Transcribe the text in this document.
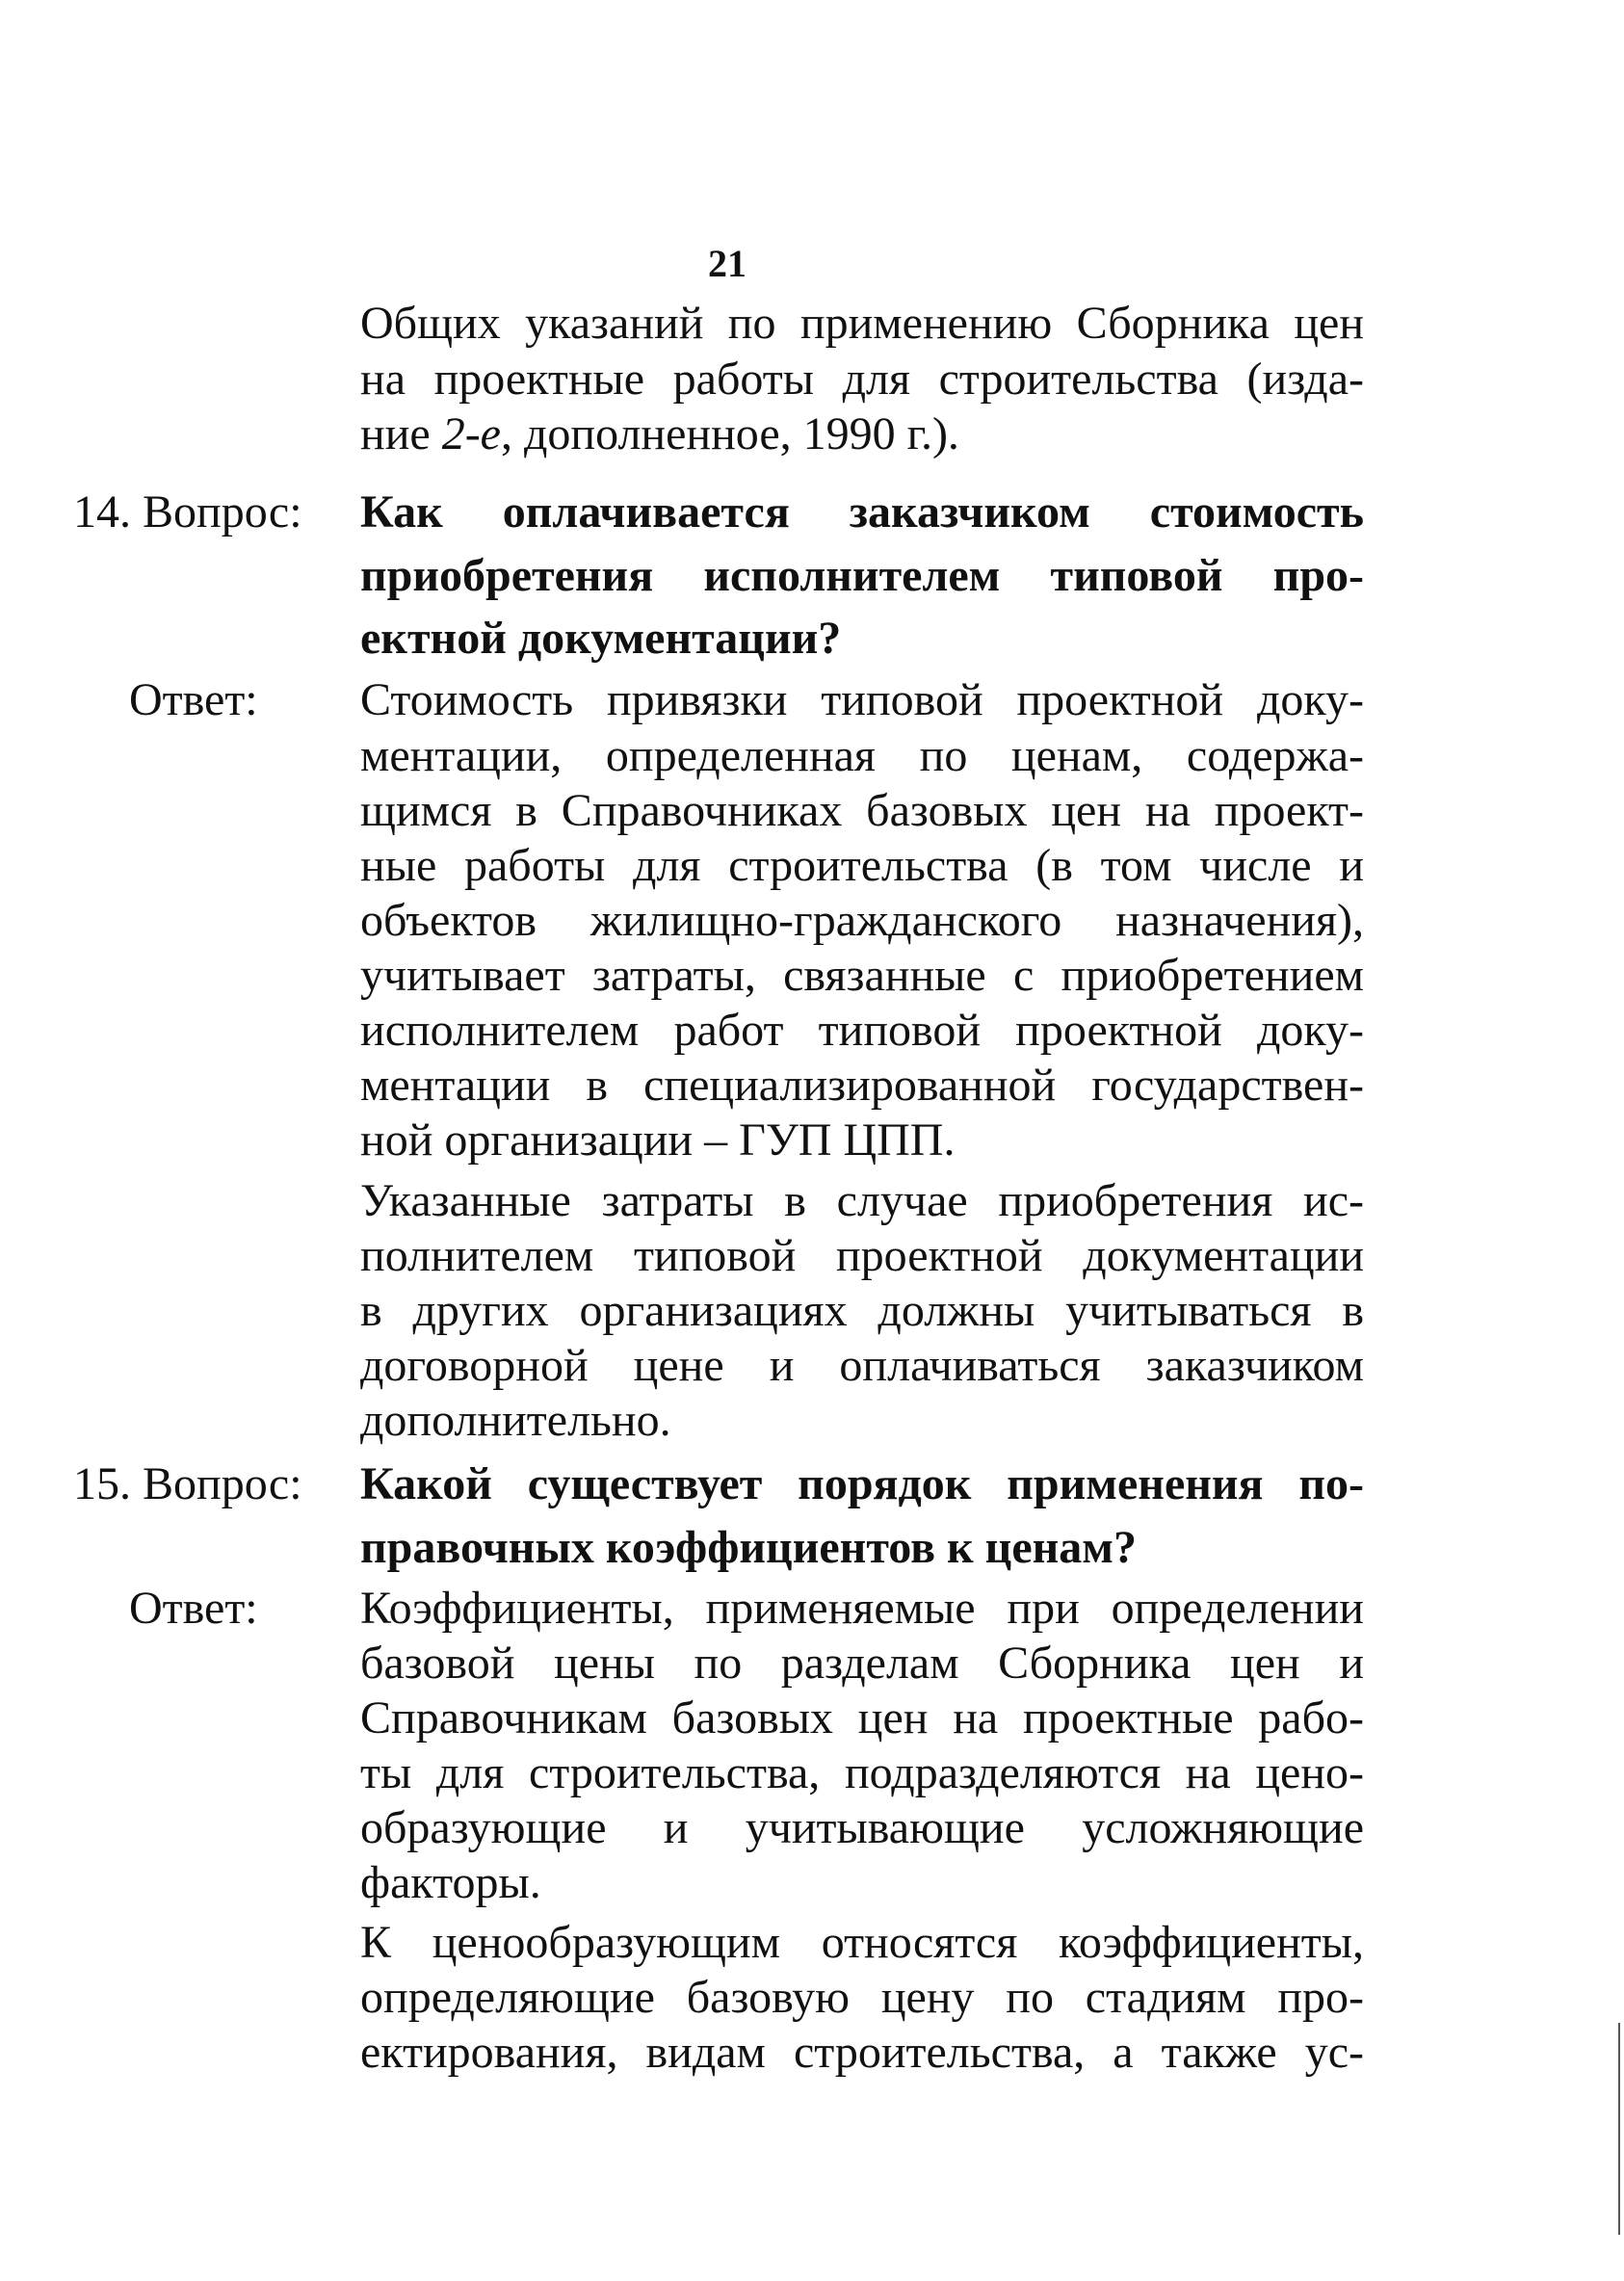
21
Общих указаний по применению Сборника цен
на проектные работы для строительства (изда-
ние 2-е, дополненное, 1990 г.).
14. Вопрос: Как оплачивается заказчиком стоимость
приобретения исполнителем типовой про-
ектной документации?
Ответ: Стоимость привязки типовой проектной доку-
ментации, определенная по ценам, содержа-
щимся в Справочниках базовых цен на проект-
ные работы для строительства (в том числе и
объектов жилищно-гражданского назначения),
учитывает затраты, связанные с приобретением
исполнителем работ типовой проектной доку-
ментации в специализированной государствен-
ной организации – ГУП ЦПП.
Указанные затраты в случае приобретения ис-
полнителем типовой проектной документации
в других организациях должны учитываться в
договорной цене и оплачиваться заказчиком
дополнительно.
15. Вопрос: Какой существует порядок применения по-
правочных коэффициентов к ценам?
Ответ: Коэффициенты, применяемые при определении
базовой цены по разделам Сборника цен и
Справочникам базовых цен на проектные рабо-
ты для строительства, подразделяются на цено-
образующие и учитывающие усложняющие
факторы.
К ценообразующим относятся коэффициенты,
определяющие базовую цену по стадиям про-
ектирования, видам строительства, а также ус-
